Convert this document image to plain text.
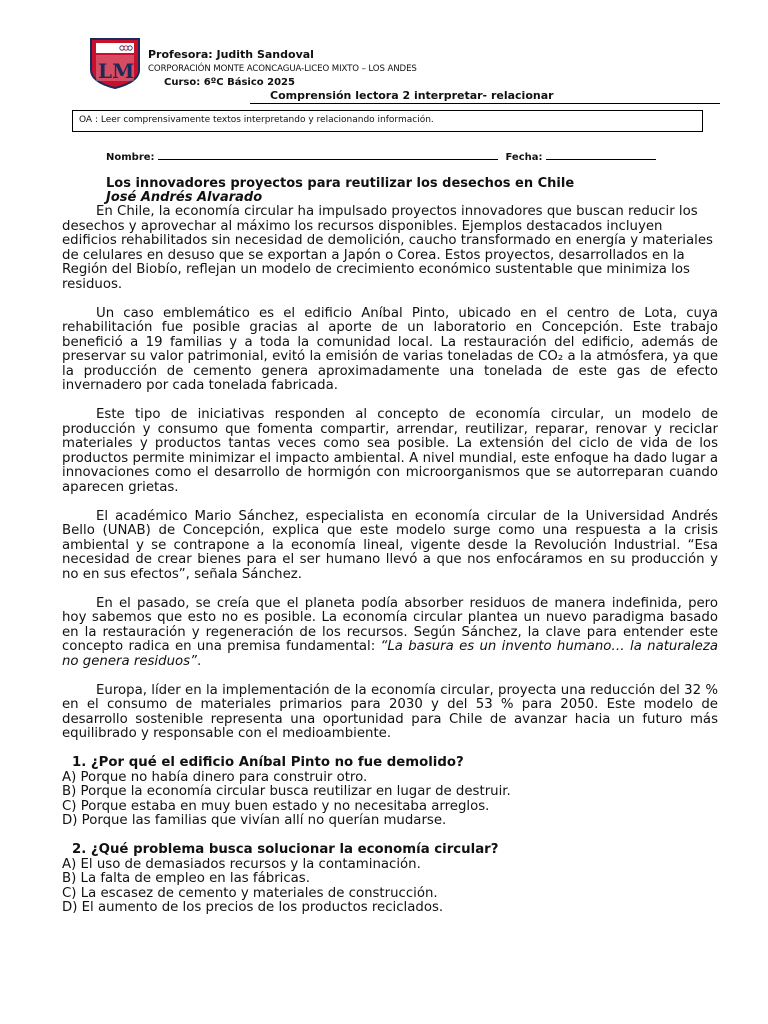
LM
Profesora: Judith Sandoval
CORPORACIÓN MONTE ACONCAGUA-LICEO MIXTO – LOS ANDES
Curso: 6ºC Básico 2025
Comprensión lectora 2 interpretar- relacionar
OA : Leer comprensivamente textos interpretando y relacionando información.
Nombre:	Fecha:
Los innovadores proyectos para reutilizar los desechos en Chile
José Andrés Alvarado

En Chile, la economía circular ha impulsado proyectos innovadores que buscan reducir los desechos y aprovechar al máximo los recursos disponibles. Ejemplos destacados incluyen edificios rehabilitados sin necesidad de demolición, caucho transformado en energía y materiales de celulares en desuso que se exportan a Japón o Corea. Estos proyectos, desarrollados en la Región del Biobío, reflejan un modelo de crecimiento económico sustentable que minimiza los residuos.

Un caso emblemático es el edificio Aníbal Pinto, ubicado en el centro de Lota, cuya rehabilitación fue posible gracias al aporte de un laboratorio en Concepción. Este trabajo benefició a 19 familias y a toda la comunidad local. La restauración del edificio, además de preservar su valor patrimonial, evitó la emisión de varias toneladas de CO₂ a la atmósfera, ya que la producción de cemento genera aproximadamente una tonelada de este gas de efecto invernadero por cada tonelada fabricada.

Este tipo de iniciativas responden al concepto de economía circular, un modelo de producción y consumo que fomenta compartir, arrendar, reutilizar, reparar, renovar y reciclar materiales y productos tantas veces como sea posible. La extensión del ciclo de vida de los productos permite minimizar el impacto ambiental. A nivel mundial, este enfoque ha dado lugar a innovaciones como el desarrollo de hormigón con microorganismos que se autorreparan cuando aparecen grietas.

El académico Mario Sánchez, especialista en economía circular de la Universidad Andrés Bello (UNAB) de Concepción, explica que este modelo surge como una respuesta a la crisis ambiental y se contrapone a la economía lineal, vigente desde la Revolución Industrial. “Esa necesidad de crear bienes para el ser humano llevó a que nos enfocáramos en su producción y no en sus efectos”, señala Sánchez.

En el pasado, se creía que el planeta podía absorber residuos de manera indefinida, pero hoy sabemos que esto no es posible. La economía circular plantea un nuevo paradigma basado en la restauración y regeneración de los recursos. Según Sánchez, la clave para entender este concepto radica en una premisa fundamental: “La basura es un invento humano… la naturaleza no genera residuos”.

Europa, líder en la implementación de la economía circular, proyecta una reducción del 32 % en el consumo de materiales primarios para 2030 y del 53 % para 2050. Este modelo de desarrollo sostenible representa una oportunidad para Chile de avanzar hacia un futuro más equilibrado y responsable con el medioambiente.

1. ¿Por qué el edificio Aníbal Pinto no fue demolido?
A) Porque no había dinero para construir otro.
B) Porque la economía circular busca reutilizar en lugar de destruir.
C) Porque estaba en muy buen estado y no necesitaba arreglos.
D) Porque las familias que vivían allí no querían mudarse.
2. ¿Qué problema busca solucionar la economía circular?
A) El uso de demasiados recursos y la contaminación.
B) La falta de empleo en las fábricas.
C) La escasez de cemento y materiales de construcción.
D) El aumento de los precios de los productos reciclados.
